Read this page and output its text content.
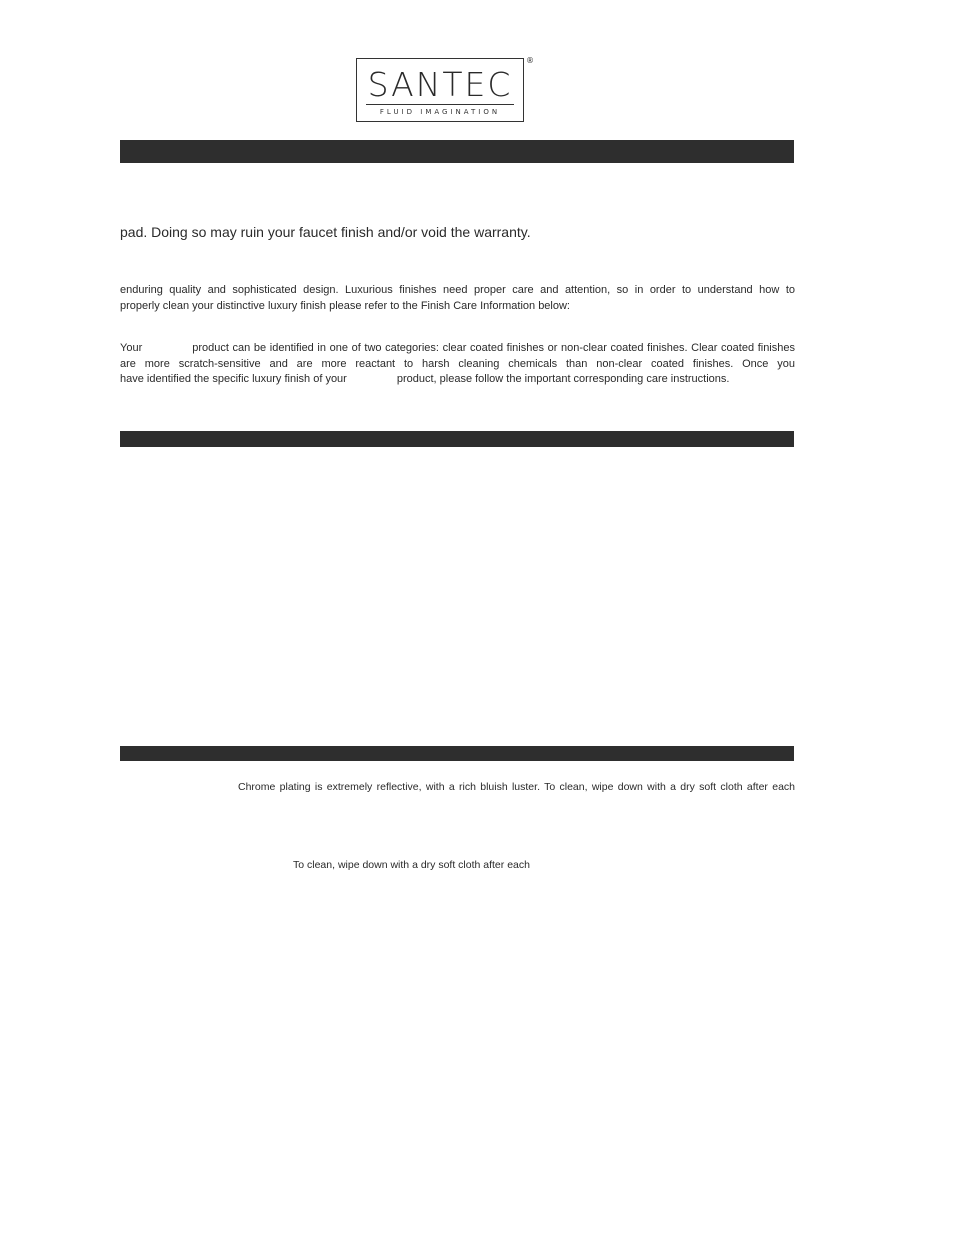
SANTEC
FLUID IMAGINATION
®
pad. Doing so may ruin your faucet finish and/or void the warranty.
enduring quality and sophisticated design. Luxurious finishes need proper care and attention, so in order to understand how to
properly clean your distinctive luxury finish please refer to the Finish Care Information below:
Your	product can be identified in one of two categories: clear coated finishes or non-clear coated finishes. Clear coated finishes are more scratch-sensitive and are more reactant to harsh cleaning chemicals than non-clear coated finishes. Once you
have identified the specific luxury finish of your	product, please follow the important corresponding care instructions.
Chrome plating is extremely reflective, with a rich bluish luster. To clean, wipe down with a dry soft cloth after each
To clean, wipe down with a dry soft cloth after each
